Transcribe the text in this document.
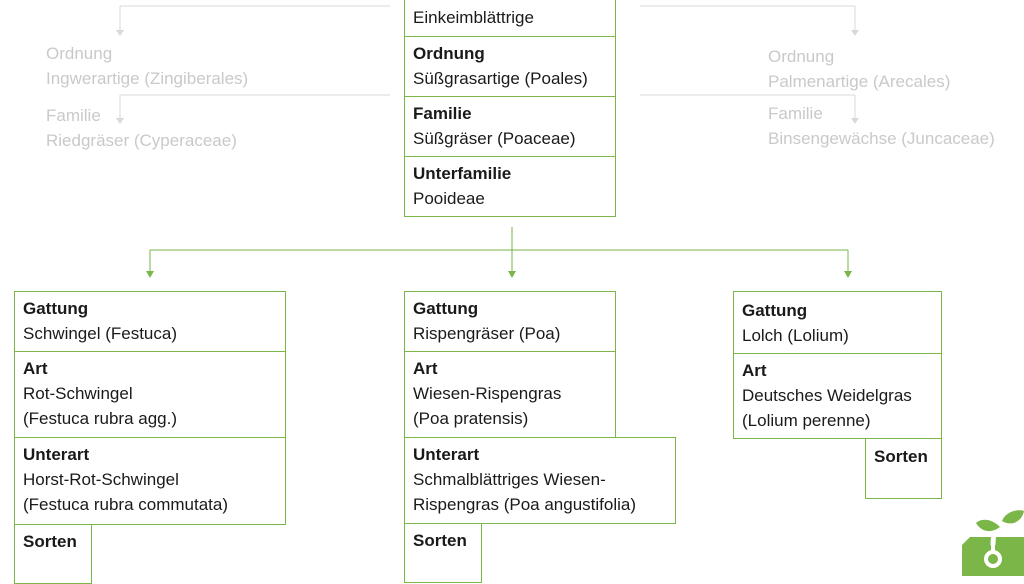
Ordnung
Ingwerartige (Zingiberales)
Familie
Riedgräser (Cyperaceae)
Ordnung
Palmenartige (Arecales)
Familie
Binsengewächse (Juncaceae)
Einkeimblättrige
Ordnung
Süßgrasartige (Poales)
Familie
Süßgräser (Poaceae)
Unterfamilie
Pooideae
Gattung
Schwingel (Festuca)
Art
Rot-Schwingel
(Festuca rubra agg.)
Unterart
Horst-Rot-Schwingel
(Festuca rubra commutata)
Sorten
Gattung
Rispengräser (Poa)
Art
Wiesen-Rispengras
(Poa pratensis)
Unterart
Schmalblättriges Wiesen-
Rispengras (Poa angustifolia)
Sorten
Gattung
Lolch (Lolium)
Art
Deutsches Weidelgras
(Lolium perenne)
Sorten
